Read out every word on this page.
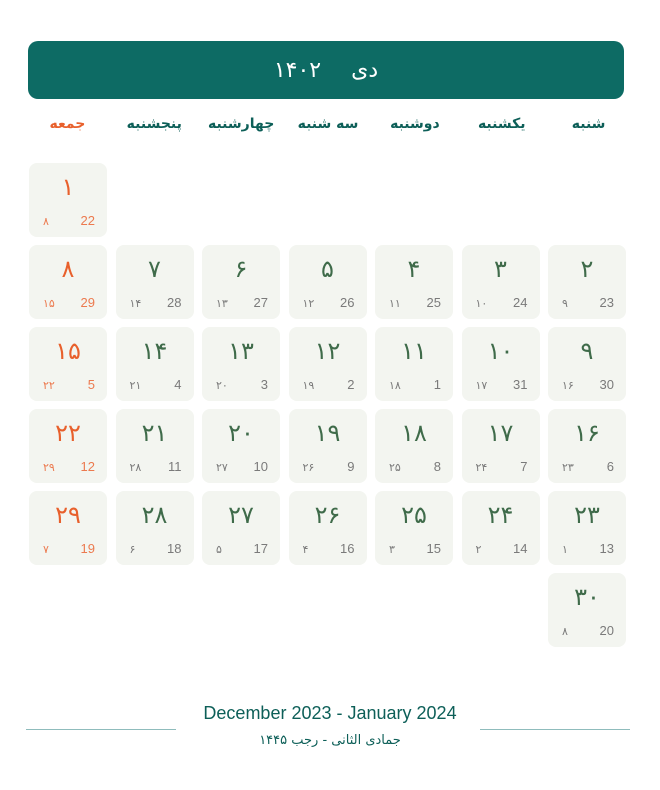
دی
۱۴۰۲
شنبه
یکشنبه
دوشنبه
سه شنبه
چهارشنبه
پنجشنبه
جمعه
۱
22
۸
۲
23
۹
۳
24
۱۰
۴
25
۱۱
۵
26
۱۲
۶
27
۱۳
۷
28
۱۴
۸
29
۱۵
۹
30
۱۶
۱۰
31
۱۷
۱۱
1
۱۸
۱۲
2
۱۹
۱۳
3
۲۰
۱۴
4
۲۱
۱۵
5
۲۲
۱۶
6
۲۳
۱۷
7
۲۴
۱۸
8
۲۵
۱۹
9
۲۶
۲۰
10
۲۷
۲۱
11
۲۸
۲۲
12
۲۹
۲۳
13
۱
۲۴
14
۲
۲۵
15
۳
۲۶
16
۴
۲۷
17
۵
۲۸
18
۶
۲۹
19
۷
۳۰
20
۸
December 2023 - January 2024
جمادی الثانی - رجب ۱۴۴۵
